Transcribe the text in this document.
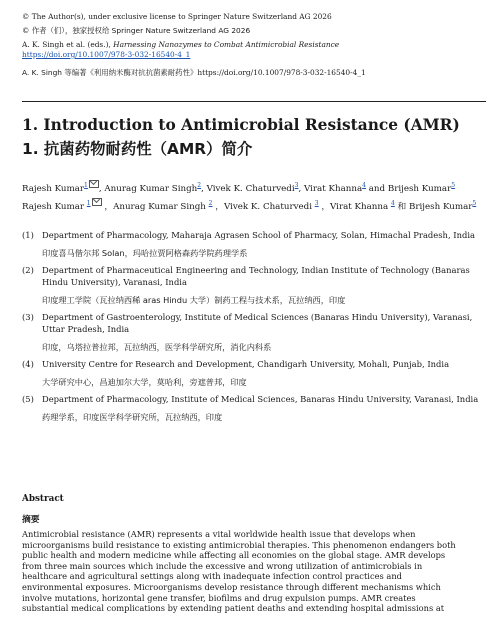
© The Author(s), under exclusive license to Springer Nature Switzerland AG 2026
© 作者（们），独家授权给 Springer Nature Switzerland AG 2026
A. K. Singh et al. (eds.), Harnessing Nanozymes to Combat Antimicrobial Resistance
https://doi.org/10.1007/978-3-032-16540-4_1
A. K. Singh 等编著《利用纳米酶对抗抗菌素耐药性》https://doi.org/10.1007/978-3-032-16540-4_1
1. Introduction to Antimicrobial Resistance (AMR)
1. 抗菌药物耐药性（AMR）简介
Rajesh Kumar$^1$ , Anurag Kumar Singh$^2$, Vivek K. Chaturvedi$^3$, Virat Khanna$^4$ and Brijesh Kumar$^5$
Rajesh Kumar $^1$ ，Anurag Kumar Singh $^2$ ，Vivek K. Chaturvedi $^3$ ，Virat Khanna $^4$ 和 Brijesh Kumar$^5$
(1) Department of Pharmacology, Maharaja Agrasen School of Pharmacy, Solan, Himachal Pradesh, India
印度喜马偕尔邦 Solan，玛哈拉贾阿格森药学院药理学系
(2) Department of Pharmaceutical Engineering and Technology, Indian Institute of Technology (Banaras Hindu University), Varanasi, India
印度理工学院（瓦拉纳西稀 aras Hindu 大学）制药工程与技术系，瓦拉纳西，印度
(3) Department of Gastroenterology, Institute of Medical Sciences (Banaras Hindu University), Varanasi, Uttar Pradesh, India
印度，乌塔拉普拉邦，瓦拉纳西，医学科学研究所，消化内科系
(4) University Centre for Research and Development, Chandigarh University, Mohali, Punjab, India
大学研究中心，昌迪加尔大学，莫哈利，旁遮普邦，印度
(5) Department of Pharmacology, Institute of Medical Sciences, Banaras Hindu University, Varanasi, India
药理学系，印度医学科学研究所，瓦拉纳西，印度
Abstract
摘要
Antimicrobial resistance (AMR) represents a vital worldwide health issue that develops when
microorganisms build resistance to existing antimicrobial therapies. This phenomenon endangers both
public health and modern medicine while affecting all economies on the global stage. AMR develops
from three main sources which include the excessive and wrong utilization of antimicrobials in
healthcare and agricultural settings along with inadequate infection control practices and
environmental exposures. Microorganisms develop resistance through different mechanisms which
involve mutations, horizontal gene transfer, biofilms and drug expulsion pumps. AMR creates
substantial medical complications by extending patient deaths and extending hospital admissions at
